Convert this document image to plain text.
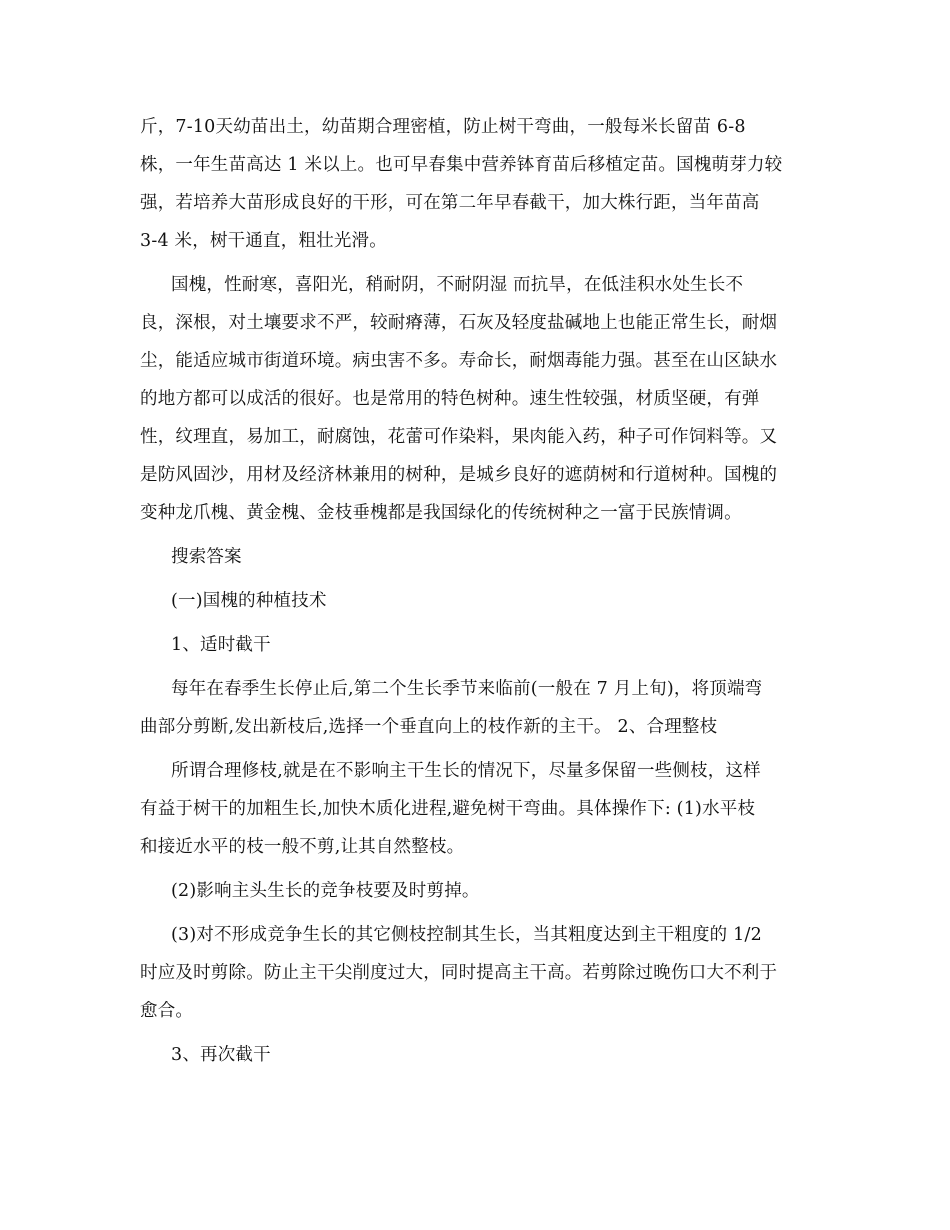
斤，7-10天幼苗出土，幼苗期合理密植，防止树干弯曲，一般每米长留苗 6-8
株，一年生苗高达 1 米以上。也可早春集中营养钵育苗后移植定苗。国槐萌芽力较
强，若培养大苗形成良好的干形，可在第二年早春截干，加大株行距，当年苗高
3-4 米，树干通直，粗壮光滑。
国槐，性耐寒，喜阳光，稍耐阴，不耐阴湿 而抗旱，在低洼积水处生长不
良，深根，对土壤要求不严，较耐瘠薄，石灰及轻度盐碱地上也能正常生长，耐烟
尘，能适应城市街道环境。病虫害不多。寿命长，耐烟毒能力强。甚至在山区缺水
的地方都可以成活的很好。也是常用的特色树种。速生性较强，材质坚硬，有弹
性，纹理直，易加工，耐腐蚀，花蕾可作染料，果肉能入药，种子可作饲料等。又
是防风固沙，用材及经济林兼用的树种，是城乡良好的遮荫树和行道树种。国槐的
变种龙爪槐、黄金槐、金枝垂槐都是我国绿化的传统树种之一富于民族情调。
搜索答案
(一)国槐的种植技术
1、适时截干
每年在春季生长停止后,第二个生长季节来临前(一般在 7 月上旬)，将顶端弯
曲部分剪断,发出新枝后,选择一个垂直向上的枝作新的主干。 2、合理整枝
所谓合理修枝,就是在不影响主干生长的情况下，尽量多保留一些侧枝，这样
有益于树干的加粗生长,加快木质化进程,避免树干弯曲。具体操作下: (1)水平枝
和接近水平的枝一般不剪,让其自然整枝。
(2)影响主头生长的竞争枝要及时剪掉。
(3)对不形成竞争生长的其它侧枝控制其生长，当其粗度达到主干粗度的 1/2
时应及时剪除。防止主干尖削度过大，同时提高主干高。若剪除过晚伤口大不利于
愈合。
3、再次截干
